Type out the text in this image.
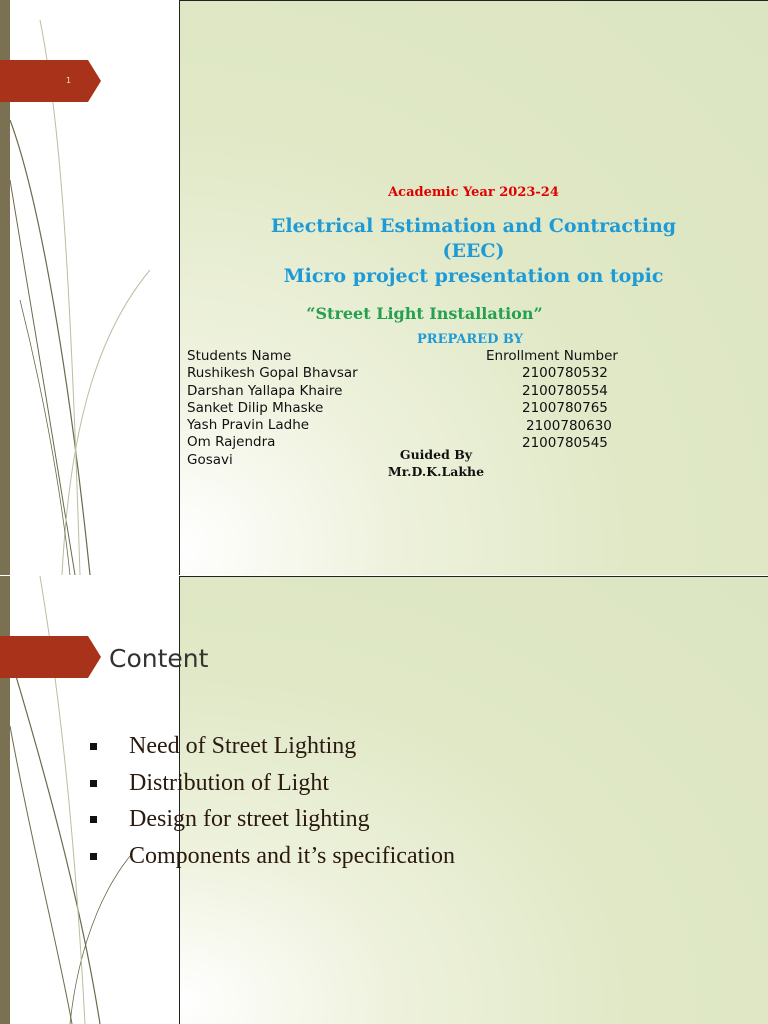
1
Academic Year 2023-24
Electrical Estimation and Contracting
(EEC)
Micro project presentation on topic
“Street Light Installation”
PREPARED BY
Students Name
Rushikesh Gopal Bhavsar
Darshan Yallapa Khaire
Sanket Dilip Mhaske
Yash Pravin Ladhe
Om Rajendra Gosavi
Enrollment Number
2100780532
2100780554
2100780765
2100780630
2100780545
Guided By
Mr.D.K.Lakhe
Content
Need of Street Lighting
Distribution of Light
Design for street lighting
Components and it’s specification
